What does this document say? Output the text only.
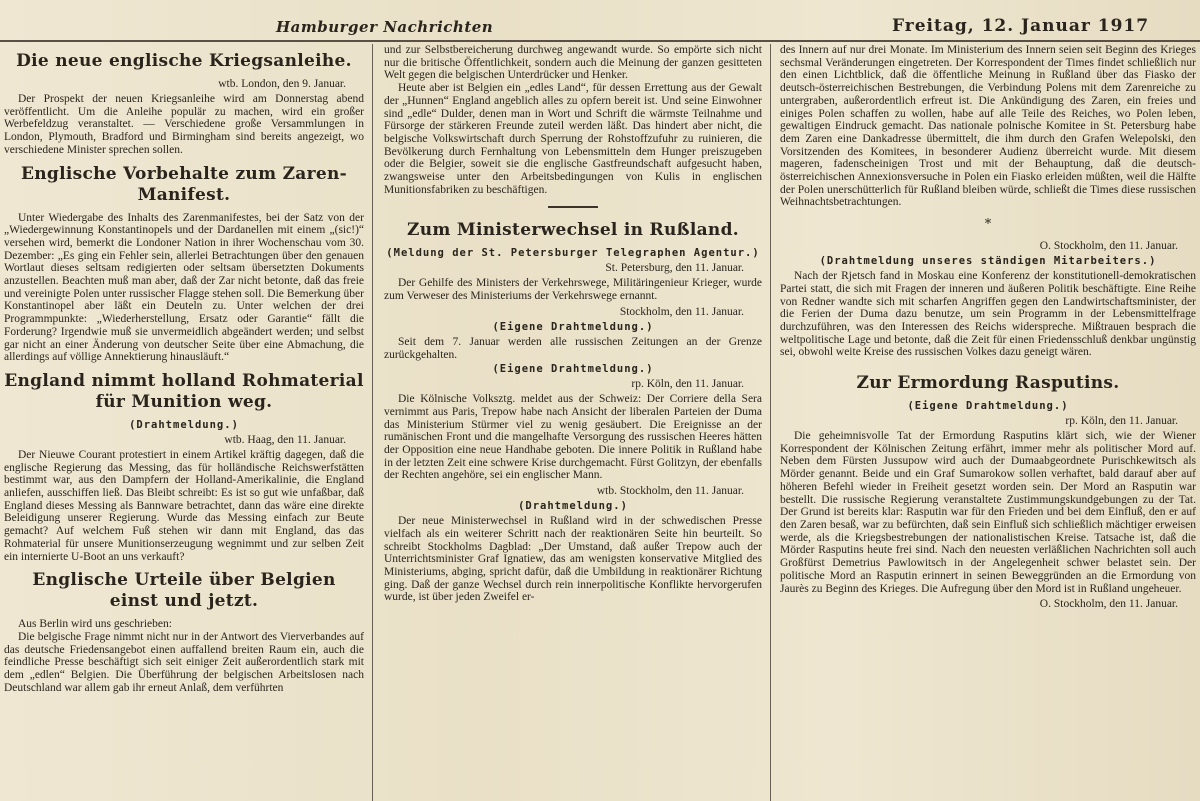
Hamburger Nachrichten	Freitag, 12. Januar 1917
Die neue englische Kriegsanleihe.
wtb. London, den 9. Januar.

Der Prospekt der neuen Kriegsanleihe wird am Donnerstag abend veröffentlicht. Um die Anleihe populär zu machen, wird ein großer Werbefeldzug veranstaltet. — Verschiedene große Versammlungen in London, Plymouth, Bradford und Birmingham sind bereits angezeigt, wo verschiedene Minister sprechen sollen.

Englische Vorbehalte zum Zaren-Manifest.

Unter Wiedergabe des Inhalts des Zarenmanifestes, bei der Satz von der „Wiedergewinnung Konstantinopels und der Dardanellen mit einem „(sic!)“ versehen wird, bemerkt die Londoner Nation in ihrer Wochenschau vom 30. Dezember: „Es ging ein Fehler sein, allerlei Betrachtungen über den genauen Wortlaut dieses seltsam redigierten oder seltsam übersetzten Dokuments anzustellen. Beachten muß man aber, daß der Zar nicht betonte, daß das freie und vereinigte Polen unter russischer Flagge stehen soll. Die Bemerkung über Konstantinopel aber läßt ein Deuteln zu. Unter welchen der drei Programmpunkte: „Wiederherstellung, Ersatz oder Garantie“ fällt die Forderung? Irgendwie muß sie unvermeidlich abgeändert werden; und selbst gar nicht an einer Änderung von deutscher Seite über eine Abmachung, die allerdings auf völlige Annektierung hinausläuft.“

England nimmt holland Rohmaterial
für Munition weg.
(Drahtmeldung.)
wtb. Haag, den 11. Januar.

Der Nieuwe Courant protestiert in einem Artikel kräftig dagegen, daß die englische Regierung das Messing, das für holländische Reichswerfstätten bestimmt war, aus den Dampfern der Holland-Amerikalinie, die England anliefen, ausschiffen ließ. Das Bleibt schreibt: Es ist so gut wie unfaßbar, daß England dieses Messing als Bannware betrachtet, dann das wäre eine direkte Beleidigung unserer Regierung. Wurde das Messing einfach zur Beute gemacht? Auf welchem Fuß stehen wir dann mit England, das das Rohmaterial für unsere Munitionserzeugung wegnimmt und zur selben Zeit ein internierte U-Boot an uns verkauft?

Englische Urteile über Belgien
einst und jetzt.

Aus Berlin wird uns geschrieben:

Die belgische Frage nimmt nicht nur in der Antwort des Vierverbandes auf das deutsche Friedensangebot einen auffallend breiten Raum ein, auch die feindliche Presse beschäftigt sich seit einiger Zeit außerordentlich stark mit dem „edlen“ Belgien. Die Überführung der belgischen Arbeitslosen nach Deutschland war allem gab ihr erneut Anlaß, dem verführten

und zur Selbstbereicherung durchweg angewandt wurde. So empörte sich nicht nur die britische Öffentlichkeit, sondern auch die Meinung der ganzen gesitteten Welt gegen die belgischen Unterdrücker und Henker.

Heute aber ist Belgien ein „edles Land“, für dessen Errettung aus der Gewalt der „Hunnen“ England angeblich alles zu opfern bereit ist. Und seine Einwohner sind „edle“ Dulder, denen man in Wort und Schrift die wärmste Teilnahme und Fürsorge der stärkeren Freunde zuteil werden läßt. Das hindert aber nicht, die belgische Volkswirtschaft durch Sperrung der Rohstoffzufuhr zu ruinieren, die Bevölkerung durch Fernhaltung von Lebensmitteln dem Hunger preiszugeben oder die Belgier, soweit sie die englische Gastfreundschaft aufgesucht haben, zwangsweise unter den Arbeitsbedingungen von Kulis in englischen Munitionsfabriken zu beschäftigen.

Zum Ministerwechsel in Rußland.
(Meldung der St. Petersburger Telegraphen Agentur.)
St. Petersburg, den 11. Januar.

Der Gehilfe des Ministers der Verkehrswege, Militäringenieur Krieger, wurde zum Verweser des Ministeriums der Verkehrswege ernannt.

Stockholm, den 11. Januar.
(Eigene Drahtmeldung.)

Seit dem 7. Januar werden alle russischen Zeitungen an der Grenze zurückgehalten.

(Eigene Drahtmeldung.)
rp. Köln, den 11. Januar.

Die Kölnische Volksztg. meldet aus der Schweiz: Der Corriere della Sera vernimmt aus Paris, Trepow habe nach Ansicht der liberalen Parteien der Duma das Ministerium Stürmer viel zu wenig gesäubert. Die Ereignisse an der rumänischen Front und die mangelhafte Versorgung des russischen Heeres hätten der Opposition eine neue Handhabe geboten. Die innere Politik in Rußland habe in der letzten Zeit eine schwere Krise durchgemacht. Fürst Golitzyn, der ebenfalls der Rechten angehöre, sei ein englischer Mann.

wtb. Stockholm, den 11. Januar.
(Drahtmeldung.)

Der neue Ministerwechsel in Rußland wird in der schwedischen Presse vielfach als ein weiterer Schritt nach der reaktionären Seite hin beurteilt. So schreibt Stockholms Dagblad: „Der Umstand, daß außer Trepow auch der Unterrichtsminister Graf Ignatiew, das am wenigsten konservative Mitglied des Ministeriums, abging, spricht dafür, daß die Umbildung in reaktionärer Richtung ging. Daß der ganze Wechsel durch rein innerpolitische Konflikte hervorgerufen wurde, ist über jeden Zweifel er-

des Innern auf nur drei Monate. Im Ministerium des Innern seien seit Beginn des Krieges sechsmal Veränderungen eingetreten. Der Korrespondent der Times findet schließlich nur den einen Lichtblick, daß die öffentliche Meinung in Rußland über das Fiasko der deutsch-österreichischen Bestrebungen, die Verbindung Polens mit dem Zarenreiche zu untergraben, außerordentlich erfreut ist. Die Ankündigung des Zaren, ein freies und einiges Polen schaffen zu wollen, habe auf alle Teile des Reiches, wo Polen leben, gewaltigen Eindruck gemacht. Das nationale polnische Komitee in St. Petersburg habe dem Zaren eine Dankadresse übermittelt, die ihm durch den Grafen Welepolski, den Vorsitzenden des Komitees, in besonderer Audienz überreicht wurde. Mit diesem mageren, fadenscheinigen Trost und mit der Behauptung, daß die deutsch-österreichischen Annexionsversuche in Polen ein Fiasko erleiden müßten, weil die Hälfte der Polen unerschütterlich für Rußland bleiben würde, schließt die Times diese russischen Weihnachtsbetrachtungen.

*
O. Stockholm, den 11. Januar.
(Drahtmeldung unseres ständigen Mitarbeiters.)

Nach der Rjetsch fand in Moskau eine Konferenz der konstitutionell-demokratischen Partei statt, die sich mit Fragen der inneren und äußeren Politik beschäftigte. Eine Reihe von Redner wandte sich mit scharfen Angriffen gegen den Landwirtschaftsminister, der die Ferien der Duma dazu benutze, um sein Programm in der Lebensmittelfrage durchzuführen, was den Interessen des Reichs widerspreche. Mißtrauen besprach die weltpolitische Lage und betonte, daß die Zeit für einen Friedensschluß denkbar ungünstig sei, obwohl weite Kreise des russischen Volkes dazu geneigt wären.

Zur Ermordung Rasputins.
(Eigene Drahtmeldung.)
rp. Köln, den 11. Januar.

Die geheimnisvolle Tat der Ermordung Rasputins klärt sich, wie der Wiener Korrespondent der Kölnischen Zeitung erfährt, immer mehr als politischer Mord auf. Neben dem Fürsten Jussupow wird auch der Dumaabgeordnete Purischkewitsch als Mörder genannt. Beide und ein Graf Sumarokow sollen verhaftet, bald darauf aber auf höheren Befehl wieder in Freiheit gesetzt worden sein. Der Mord an Rasputin war bestellt. Die russische Regierung veranstaltete Zustimmungskundgebungen zu der Tat. Der Grund ist bereits klar: Rasputin war für den Frieden und bei dem Einfluß, den er auf den Zaren besaß, war zu befürchten, daß sein Einfluß sich schließlich mächtiger erweisen werde, als die Kriegsbestrebungen der nationalistischen Kreise. Tatsache ist, daß die Mörder Rasputins heute frei sind. Nach den neuesten verläßlichen Nachrichten soll auch Großfürst Demetrius Pawlowitsch in der Angelegenheit schwer belastet sein. Der politische Mord an Rasputin erinnert in seinen Beweggründen an die Ermordung von Jaurès zu Beginn des Krieges. Die Aufregung über den Mord ist in Rußland ungeheuer.

O. Stockholm, den 11. Januar.
